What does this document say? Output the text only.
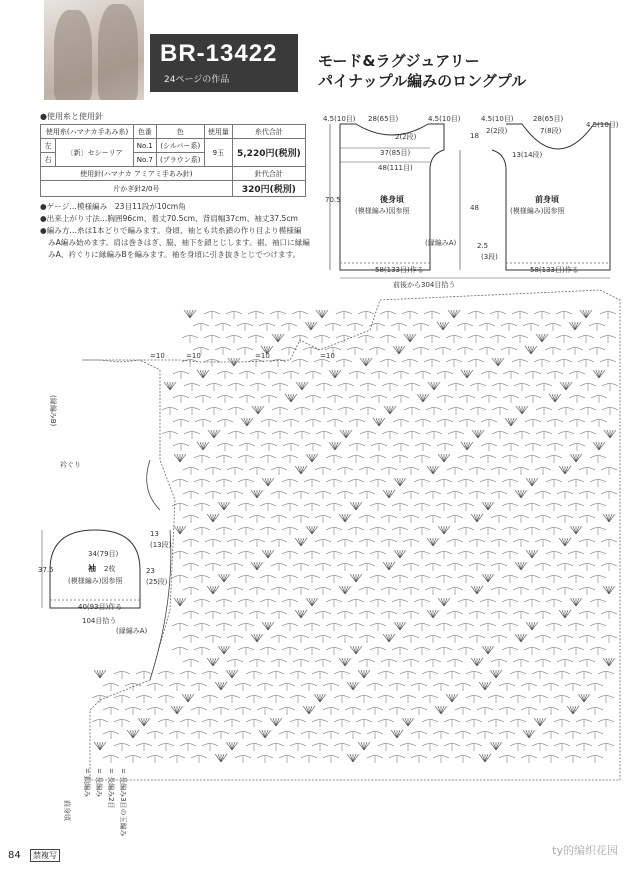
BR-13422
24ページの作品
モード&ラグジュアリー
パイナップル編みのロングプル
●使用糸と使用針
使用糸(ハマナカ手あみ糸)		色番	色	使用量	糸代合計
左	〔新〕セシーリア	No.1	(シルバー系)	9玉	5,220円(税別)
右		No.7	(ブラウン系)		
使用針(ハマナカ アミアミ手あみ針)					針代合計
片かぎ針2/0号					320円(税別)
●ゲージ…模様編み　23目11段が10cm角
●出来上がり寸法…胸囲96cm、着丈70.5cm、背肩幅37cm、袖丈37.5cm
●編み方…糸は1本どりで編みます。身頃、袖とも共糸鎖の作り目より模様編
みA編み始めます。肩は巻きはぎ、脇、袖下を鎖とじします。裾、袖口に縁編
みA、衿ぐりに縁編みBを編みます。袖を身頃に引き抜きとじでつけます。
4.5(10目) 28(65目)	4.5(10目)	4.5(10目)	28(65目)
4.5(10目)
2(2段)
7(8段)
2(2段)
37(85目)
48(111目)
70.5
18
48
13(14段)
2.5
(3段)
(縁編みA)
58(133目)作る	58(133目)作る
前後から304目拾う
後身頃
(模様編み)図参照
前身頃
(模様編み)図参照
37.5
34(79目)
袖 2枚
(模様編み)図参照
23
(25段)
13
(13段)
40(93目)作る
104目拾う
(縁編みA)
=10	=10	=10
=10
(縁編みB)
衿ぐり
前身頃
= 鎖編み = 長編み = 長編み2目 = 長編み3目の玉編み
84	禁複写	ty的编织花园
